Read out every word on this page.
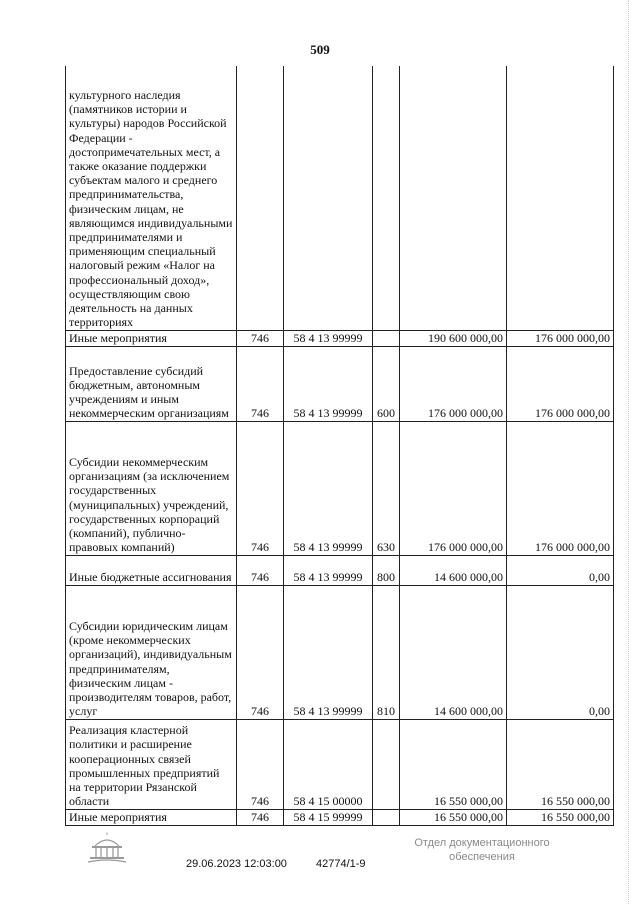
509
культурного наследия (памятников истории и культуры) народов Российской Федерации - достопримечательных мест, а также оказание поддержки субъектам малого и среднего предпринимательства, физическим лицам, не являющимся индивидуальными предпринимателями и применяющим специальный налоговый режим «Налог на профессиональный доход», осуществляющим свою деятельность на данных территориях					
Иные мероприятия	746	58 4 13 99999		190 600 000,00	176 000 000,00
Предоставление субсидий бюджетным, автономным учреждениям и иным некоммерческим организациям	746	58 4 13 99999	600	176 000 000,00	176 000 000,00
Субсидии некоммерческим организациям (за исключением государственных (муниципальных) учреждений, государственных корпораций (компаний), публично-правовых компаний)	746	58 4 13 99999	630	176 000 000,00	176 000 000,00
Иные бюджетные ассигнования	746	58 4 13 99999	800	14 600 000,00	0,00
Субсидии юридическим лицам (кроме некоммерческих организаций), индивидуальным предпринимателям, физическим лицам - производителям товаров, работ, услуг	746	58 4 13 99999	810	14 600 000,00	0,00
Реализация кластерной политики и расширение кооперационных связей промышленных предприятий на территории Рязанской области	746	58 4 15 00000		16 550 000,00	16 550 000,00
Иные мероприятия	746	58 4 15 99999		16 550 000,00	16 550 000,00
29.06.2023 12:03:00	42774/1-9
Отдел документационного
обеспечения
